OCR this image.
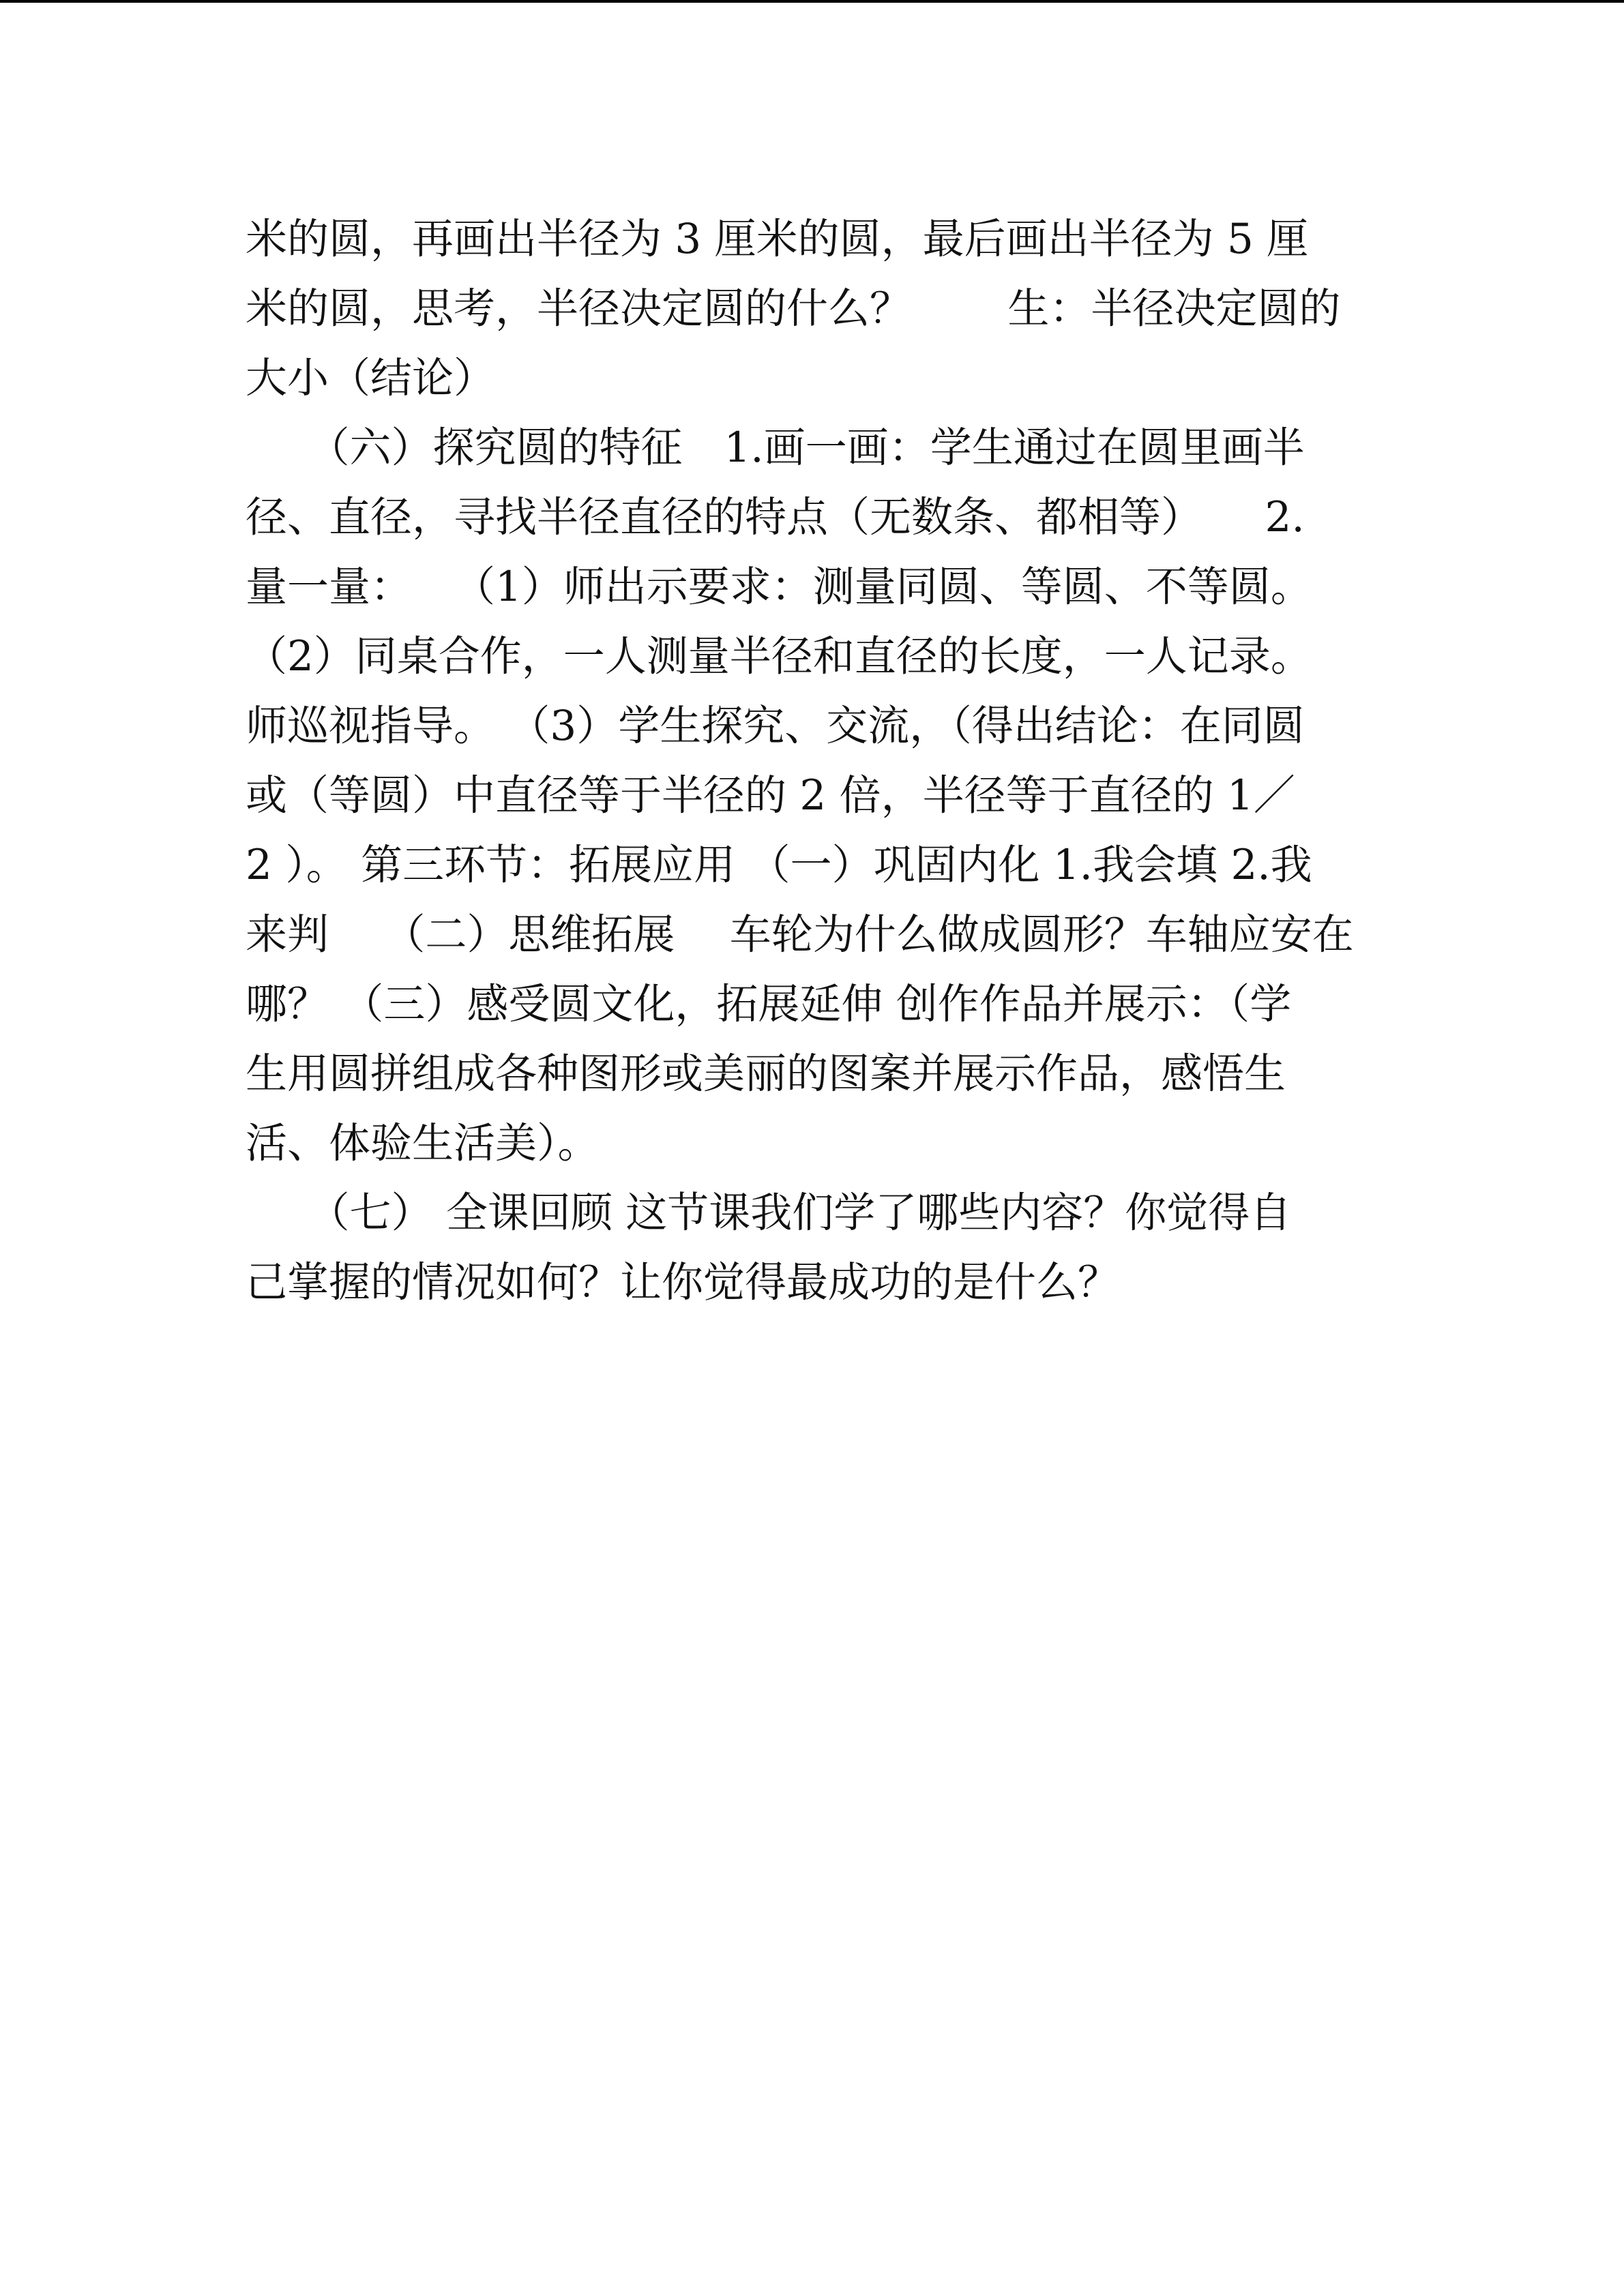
米的圆，再画出半径为 3 厘米的圆，最后画出半径为 5 厘
米的圆，思考，半径决定圆的什么？　　 生：半径决定圆的
大小（结论）
　　（六）探究圆的特征　1.画一画：学生通过在圆里画半
径、直径，寻找半径直径的特点（无数条、都相等）　　2.
量一量：　　（1）师出示要求：测量同圆、等圆、不等圆。
（2）同桌合作，一人测量半径和直径的长度，一人记录。
师巡视指导。 （3）学生探究、交流，（得出结论：在同圆
或（等圆）中直径等于半径的 2 倍，半径等于直径的 1／
2 ）。 第三环节：拓展应用 （一）巩固内化 1.我会填 2.我
来判　 （二）思维拓展　 车轮为什么做成圆形？车轴应安在
哪？ （三）感受圆文化，拓展延伸 创作作品并展示：（学
生用圆拼组成各种图形或美丽的图案并展示作品，感悟生
活、体验生活美）。
　　（七） 全课回顾 这节课我们学了哪些内容？你觉得自
己掌握的情况如何？让你觉得最成功的是什么？
